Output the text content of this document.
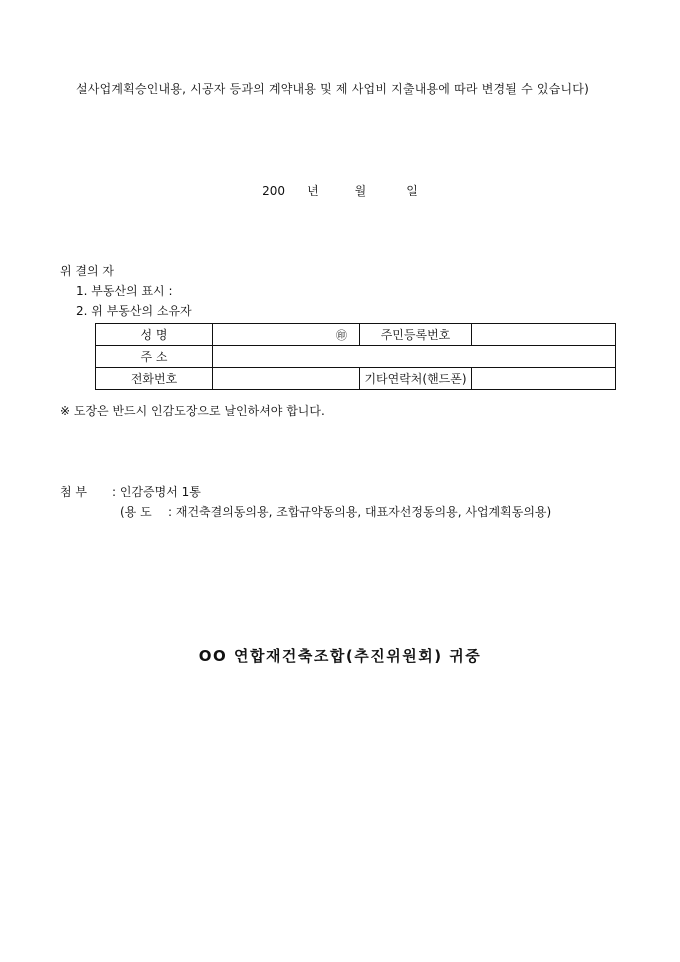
설사업계획승인내용, 시공자 등과의 계약내용 및 제 사업비 지출내용에 따라 변경될 수 있습니다)
200 년	월	일
위 결의 자
1. 부동산의 표시 :
2. 위 부동산의 소유자
성 명	㊞	주민등록번호	
주 소			
전화번호		기타연락처(핸드폰)	
※ 도장은 반드시 인감도장으로 날인하셔야 합니다.
첨 부 : 인감증명서 1통
(용 도 : 재건축결의동의용, 조합규약동의용, 대표자선정동의용, 사업계획동의용)
OO 연합재건축조합(추진위원회) 귀중
